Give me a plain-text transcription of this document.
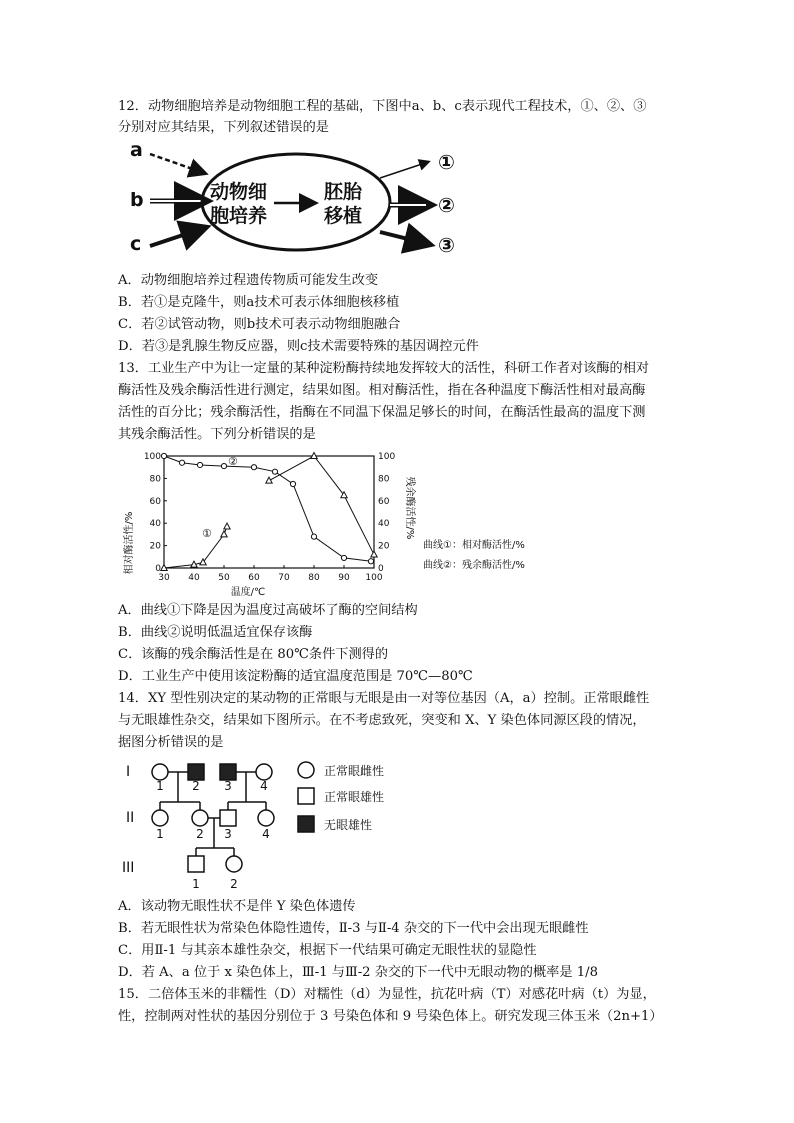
12．动物细胞培养是动物细胞工程的基础，下图中a、b、c表示现代工程技术，①、②、③
分别对应其结果，下列叙述错误的是
a
b
c
动物细
胞培养
胚胎
移植
①
②
③
A．动物细胞培养过程遗传物质可能发生改变
B．若①是克隆牛，则a技术可表示体细胞核移植
C．若②试管动物，则b技术可表示动物细胞融合
D．若③是乳腺生物反应器，则c技术需要特殊的基因调控元件
13．工业生产中为让一定量的某种淀粉酶持续地发挥较大的活性，科研工作者对该酶的相对
酶活性及残余酶活性进行测定，结果如图。相对酶活性，指在各种温度下酶活性相对最高酶
活性的百分比；残余酶活性，指酶在不同温下保温足够长的时间，在酶活性最高的温度下测
其残余酶活性。下列分析错误的是
30 40 50 60 70 80 90 100
0	0
20	20
40	40
60	60
80	80
100	100
相对酶活性/%
残余酶活性/%
温度/℃
①
②
曲线①：相对酶活性/%
曲线②：残余酶活性/%
A．曲线①下降是因为温度过高破坏了酶的空间结构
B．曲线②说明低温适宜保存该酶
C．该酶的残余酶活性是在 80℃条件下测得的
D．工业生产中使用该淀粉酶的适宜温度范围是 70℃—80℃
14．XY 型性别决定的某动物的正常眼与无眼是由一对等位基因（A，a）控制。正常眼雌性
与无眼雄性杂交，结果如下图所示。在不考虑致死，突变和 X、Y 染色体同源区段的情况，
据图分析错误的是
I
II
III
1 2 3 4
1	2 3	4
1	2
正常眼雌性
正常眼雄性
无眼雄性
A．该动物无眼性状不是伴 Y 染色体遗传
B．若无眼性状为常染色体隐性遗传，Ⅱ-3 与Ⅱ-4 杂交的下一代中会出现无眼雌性
C．用Ⅱ-1 与其亲本雄性杂交，根据下一代结果可确定无眼性状的显隐性
D．若 A、a 位于 x 染色体上，Ⅲ-1 与Ⅲ-2 杂交的下一代中无眼动物的概率是 1/8
15．二倍体玉米的非糯性（D）对糯性（d）为显性，抗花叶病（T）对感花叶病（t）为显，
性，控制两对性状的基因分别位于 3 号染色体和 9 号染色体上。研究发现三体玉米（2n+1）
